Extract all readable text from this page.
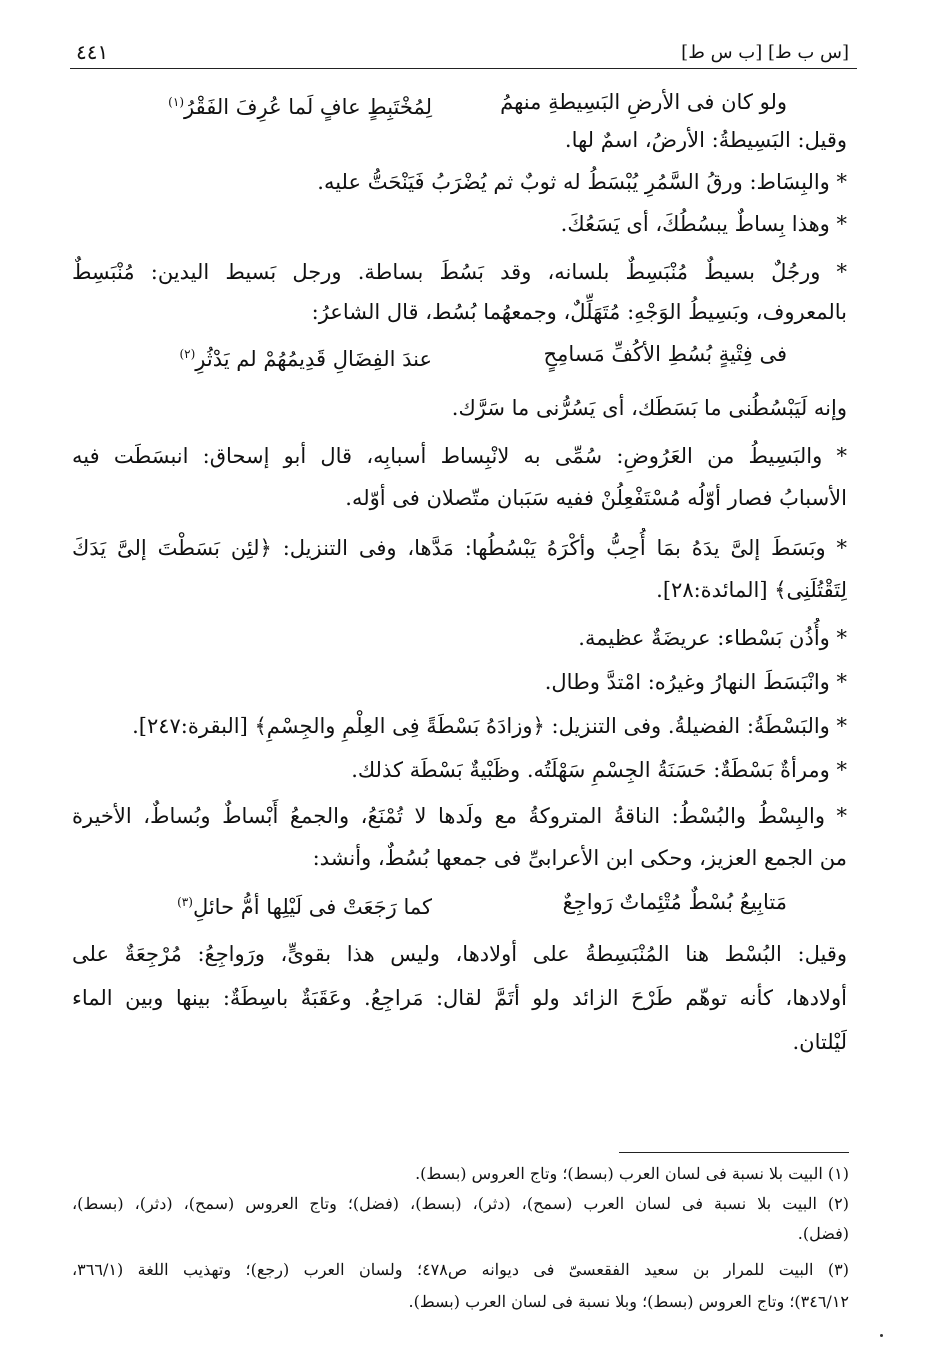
[س ب ط] [ب س ط]
٤٤١
ولو كان فى الأرضِ البَسِيطةِ منهمُ
لِمُخْتَبِطٍ عافٍ لَما عُرِفَ الفَقْرُ$^{(١)}$
وقيل: البَسِيطةُ: الأرضُ، اسمٌ لها.
* والبِسَاط: ورقُ السَّمُرِ يُبْسَطُ له ثوبٌ ثم يُضْرَبُ فَيَنْحَتُّ عليه.
* وهذا بِساطٌ يبسُطُكَ، أى يَسَعُكَ.
* ورجُلٌ بسيطٌ مُنْبَسِطٌ بلسانه، وقد بَسُطَ بساطة. ورجل بَسيط اليدين: مُنْبَسِطٌ
بالمعروف، وبَسِيطُ الوَجْهِ: مُتَهَلِّلٌ، وجمعهُما بُسُط، قال الشاعرُ:
فى فِتْيةٍ بُسُطِ الأكُفِّ مَسامِحٍ
عندَ الفِضَالِ قَدِيمُهُمْ لم يَدْثُرِ$^{(٢)}$
وإنه لَيَبْسُطُنى ما بَسَطَك، أى يَسُرُّنى ما سَرَّك.
* والبَسِيطُ من العَرُوضِ: سُمِّى به لانْبِساط أسبابِه، قال أبو إسحاق: انبسَطَت فيه
الأسبابُ فصار أوّلُه مُسْتَفْعِلُنْ ففيه سَبَبان متّصلان فى أوّله.
* وبَسَطَ إلىَّ يدَهُ بمَا أُحِبُّ وأكْرَهُ يَبْسُطُها: مَدَّها، وفى التنزيل: ﴿لئِن بَسَطْتَ إلىَّ يَدَكَ
لِتَقْتُلَنِى﴾ [المائدة:٢٨].
* وأُذُن بَسْطاء: عريضَةٌ عظيمة.
* وانْبَسَطَ النهارُ وغيرُه: امْتدَّ وطال.
* والبَسْطَةُ: الفضيلةُ. وفى التنزيل: ﴿وزادَهُ بَسْطَةً فِى العِلْمِ والجِسْمِ﴾ [البقرة:٢٤٧].
* ومرأةٌ بَسْطَةٌ: حَسَنَةُ الجِسْمِ سَهْلَتُه. وظَبْيةٌ بَسْطَة كذلك.
* والبِسْطُ والبُسْطُ: الناقةُ المتروكةُ مع ولَدها لا تُمْنَعُ، والجمعُ أَبْساطٌ وبُساطٌ، الأخيرة
من الجمع العزيز، وحكى ابن الأعرابىِّ فى جمعها بُسُطٌ، وأنشد:
مَتابِيعُ بُسْطٌ مُتْئِماتٌ رَواجِعٌ
كما رَجَعَتْ فى لَيْلِها أمُّ حائلِ$^{(٣)}$
وقيل: البُسْط هنا المُنْبَسِطةُ على أولادها، وليس هذا بقوىٍّ، ورَواجِعُ: مُرْجِعَةٌ على
أولادها، كأنه توهّم طَرْحَ الزائد ولو أتَمَّ لقال: مَراجِعُ. وعَقَبَةٌ باسِطَةٌ: بينها وبين الماء
لَيْلتان.
(١) البيت بلا نسبة فى لسان العرب (بسط)؛ وتاج العروس (بسط).
(٢) البيت بلا نسبة فى لسان العرب (سمح)، (دثر)، (بسط)، (فضل)؛ وتاج العروس (سمح)، (دثر)، (بسط)،
(فضل).
(٣) البيت للمرار بن سعيد الفقعسىّ فى ديوانه ص٤٧٨؛ ولسان العرب (رجع)؛ وتهذيب اللغة (٣٦٦/١،
٣٤٦/١٢)؛ وتاج العروس (بسط)؛ وبلا نسبة فى لسان العرب (بسط).
